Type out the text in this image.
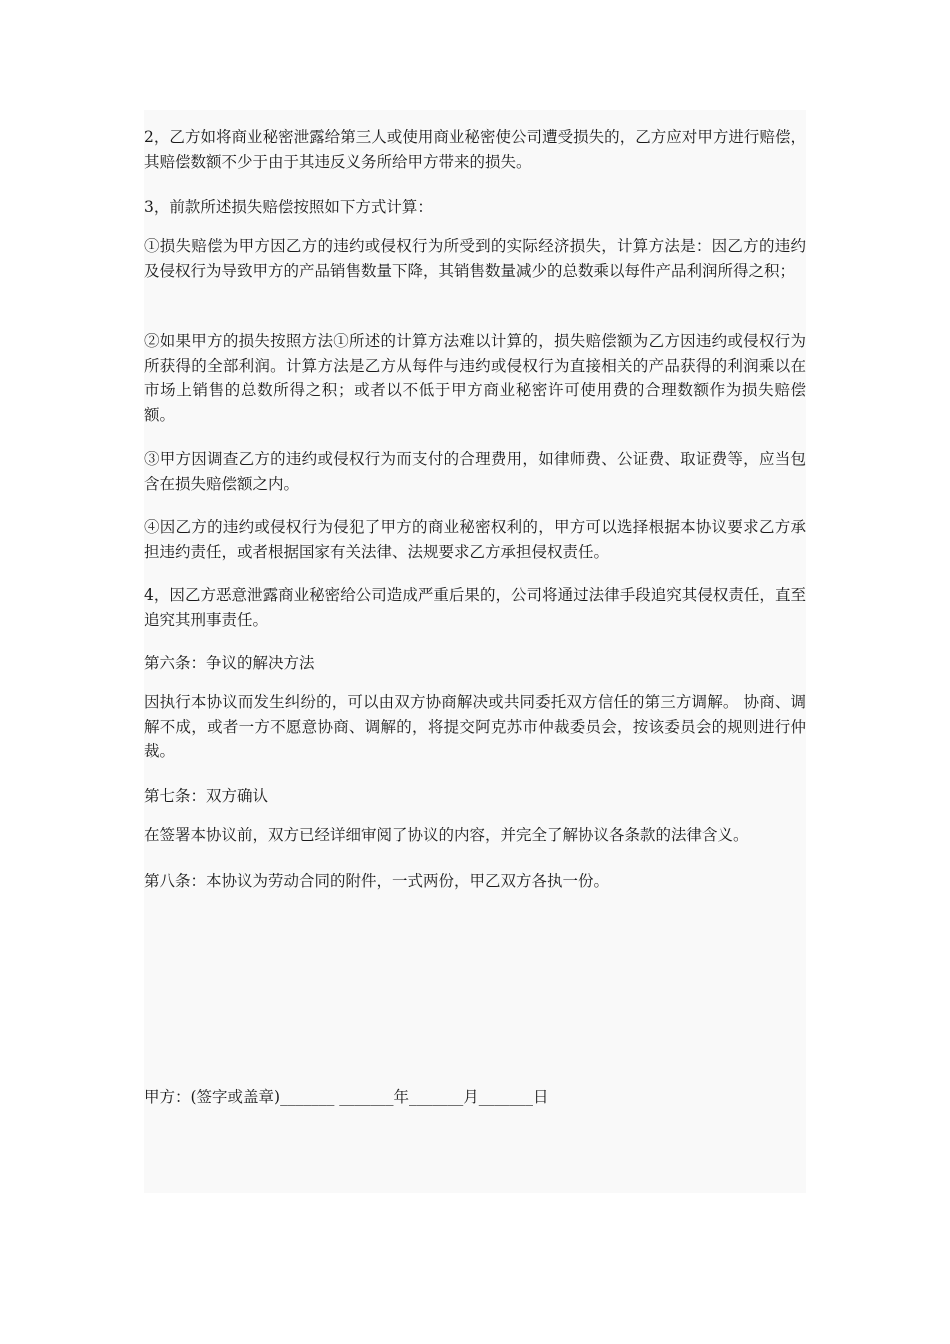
2，乙方如将商业秘密泄露给第三人或使用商业秘密使公司遭受损失的，乙方应对甲方进行赔偿，其赔偿数额不少于由于其违反义务所给甲方带来的损失。

3，前款所述损失赔偿按照如下方式计算：

①损失赔偿为甲方因乙方的违约或侵权行为所受到的实际经济损失，计算方法是：因乙方的违约及侵权行为导致甲方的产品销售数量下降，其销售数量减少的总数乘以每件产品利润所得之积；

②如果甲方的损失按照方法①所述的计算方法难以计算的，损失赔偿额为乙方因违约或侵权行为所获得的全部利润。计算方法是乙方从每件与违约或侵权行为直接相关的产品获得的利润乘以在市场上销售的总数所得之积；或者以不低于甲方商业秘密许可使用费的合理数额作为损失赔偿额。

③甲方因调查乙方的违约或侵权行为而支付的合理费用，如律师费、公证费、取证费等，应当包含在损失赔偿额之内。

④因乙方的违约或侵权行为侵犯了甲方的商业秘密权利的，甲方可以选择根据本协议要求乙方承担违约责任，或者根据国家有关法律、法规要求乙方承担侵权责任。

4，因乙方恶意泄露商业秘密给公司造成严重后果的，公司将通过法律手段追究其侵权责任，直至追究其刑事责任。

第六条：争议的解决方法

因执行本协议而发生纠纷的，可以由双方协商解决或共同委托双方信任的第三方调解。 协商、调解不成，或者一方不愿意协商、调解的，将提交阿克苏市仲裁委员会，按该委员会的规则进行仲裁。

第七条：双方确认

在签署本协议前，双方已经详细审阅了协议的内容，并完全了解协议各条款的法律含义。

第八条：本协议为劳动合同的附件，一式两份，甲乙双方各执一份。

甲方：(签字或盖章)_______ _______年_______月_______日
